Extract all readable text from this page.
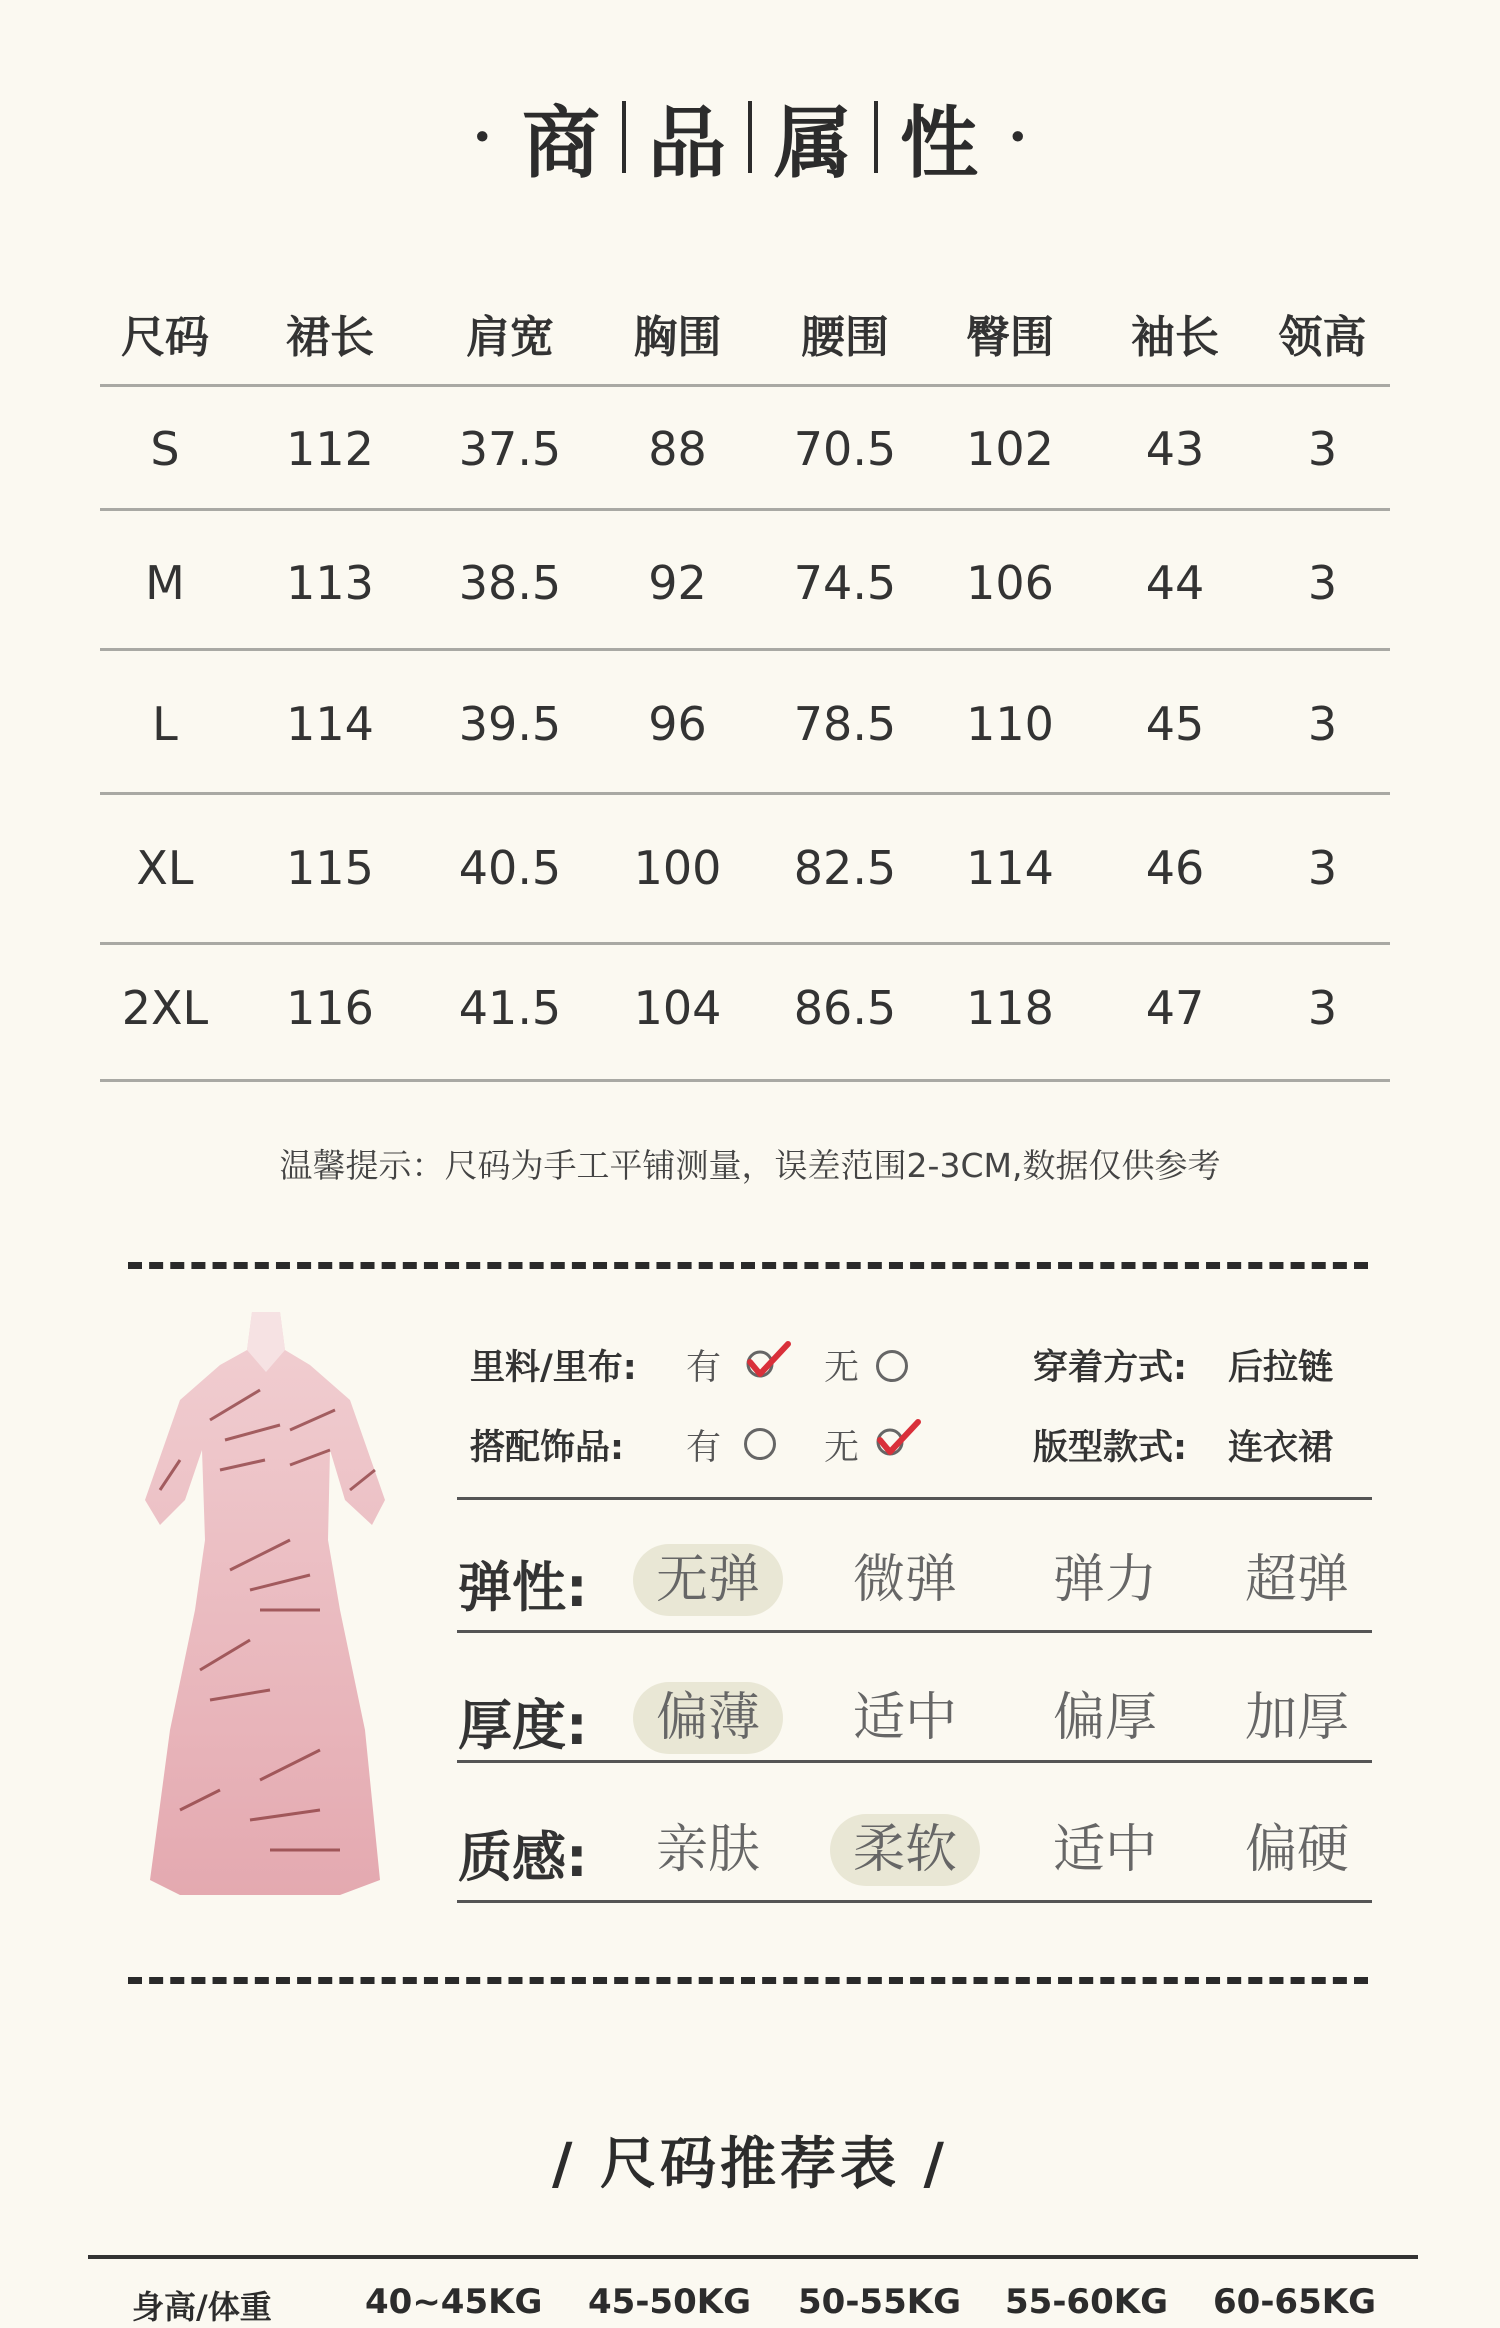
· 商 品 属 性 ·
尺码	裙长	肩宽	胸围	腰围	臀围	袖长	领高
S	112	37.5	88	70.5	102	43	3
M	113	38.5	92	74.5	106	44	3
L	114	39.5	96	78.5	110	45	3
XL	115	40.5	100	82.5	114	46	3
2XL	116	41.5	104	86.5	118	47	3
温馨提示：尺码为手工平铺测量，误差范围2-3CM,数据仅供参考
里料/里布: 有	无
搭配饰品: 有	无
穿着方式: 后拉链
版型款式: 连衣裙
弹性:	无弹	微弹	弹力	超弹
厚度:	偏薄	适中	偏厚	加厚
质感:	亲肤	柔软	适中	偏硬
/ 尺码推荐表 /
身高/体重	40~45KG 45-50KG 50-55KG 55-60KG 60-65KG
